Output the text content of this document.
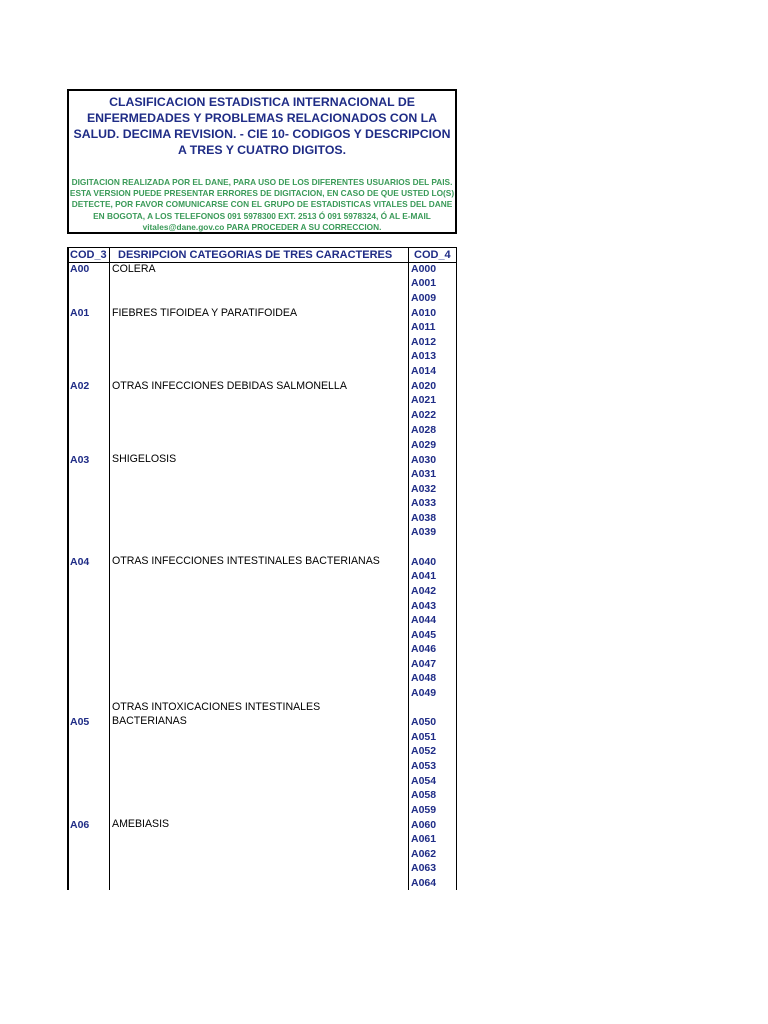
CLASIFICACION ESTADISTICA INTERNACIONAL DE ENFERMEDADES Y PROBLEMAS RELACIONADOS CON LA SALUD. DECIMA REVISION. - CIE 10- CODIGOS Y DESCRIPCION A TRES Y CUATRO DIGITOS.
DIGITACION REALIZADA POR EL DANE, PARA USO DE LOS DIFERENTES USUARIOS DEL PAIS. ESTA VERSION PUEDE PRESENTAR ERRORES DE DIGITACION, EN CASO DE QUE USTED LO(S) DETECTE, POR FAVOR COMUNICARSE CON EL GRUPO DE ESTADISTICAS VITALES DEL DANE EN BOGOTA, A LOS TELEFONOS 091 5978300 EXT. 2513 Ó 091 5978324, Ó AL E-MAIL vitales@dane.gov.co PARA PROCEDER A SU CORRECCION.
COD_3 DESRIPCION CATEGORIAS DE TRES CARACTERES COD_4
A00 COLERA
A01 FIEBRES TIFOIDEA Y PARATIFOIDEA
A02 OTRAS INFECCIONES DEBIDAS SALMONELLA
A03 SHIGELOSIS
A04 OTRAS INFECCIONES INTESTINALES BACTERIANAS
A05
OTRAS INTOXICACIONES INTESTINALES BACTERIANAS
A06 AMEBIASIS
A000
A001
A009
A010
A011
A012
A013
A014
A020
A021
A022
A028
A029
A030
A031
A032
A033
A038
A039
A040
A041
A042
A043
A044
A045
A046
A047
A048
A049
A050
A051
A052
A053
A054
A058
A059
A060
A061
A062
A063
A064
